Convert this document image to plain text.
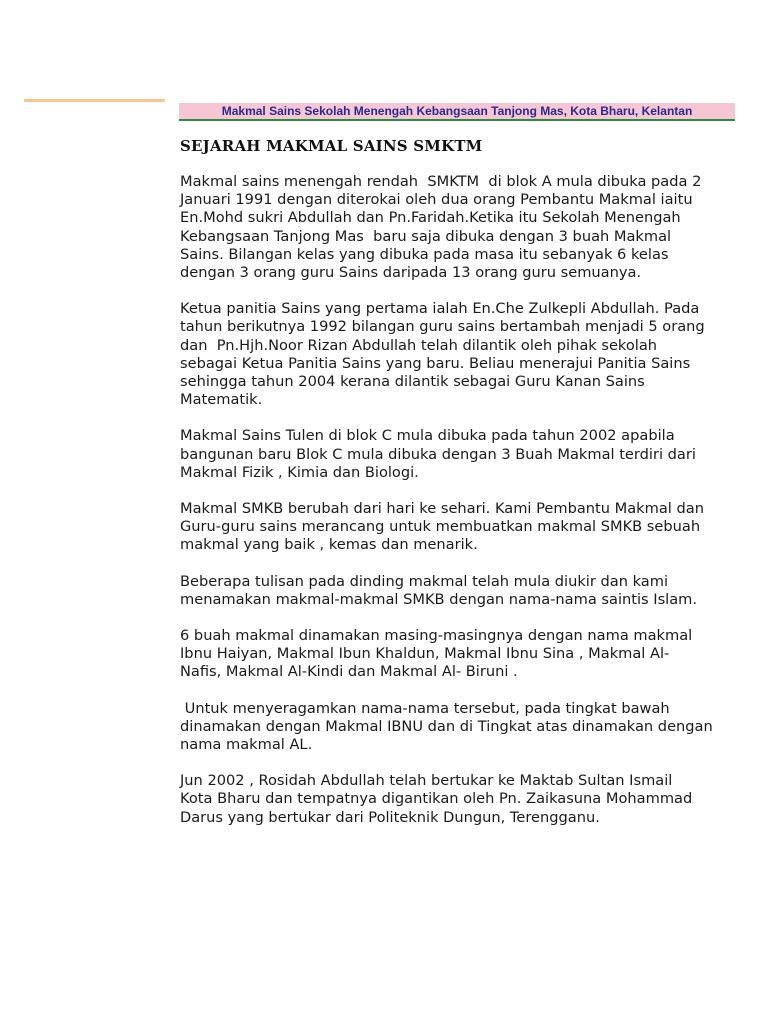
Makmal Sains Sekolah Menengah Kebangsaan Tanjong Mas, Kota Bharu, Kelantan
SEJARAH MAKMAL SAINS SMKTM

Makmal sains menengah rendah  SMKTM  di blok A mula dibuka pada 2
Januari 1991 dengan diterokai oleh dua orang Pembantu Makmal iaitu
En.Mohd sukri Abdullah dan Pn.Faridah.Ketika itu Sekolah Menengah
Kebangsaan Tanjong Mas  baru saja dibuka dengan 3 buah Makmal
Sains. Bilangan kelas yang dibuka pada masa itu sebanyak 6 kelas
dengan 3 orang guru Sains daripada 13 orang guru semuanya.

Ketua panitia Sains yang pertama ialah En.Che Zulkepli Abdullah. Pada
tahun berikutnya 1992 bilangan guru sains bertambah menjadi 5 orang
dan  Pn.Hjh.Noor Rizan Abdullah telah dilantik oleh pihak sekolah
sebagai Ketua Panitia Sains yang baru. Beliau menerajui Panitia Sains
sehingga tahun 2004 kerana dilantik sebagai Guru Kanan Sains
Matematik.

Makmal Sains Tulen di blok C mula dibuka pada tahun 2002 apabila
bangunan baru Blok C mula dibuka dengan 3 Buah Makmal terdiri dari
Makmal Fizik , Kimia dan Biologi.

Makmal SMKB berubah dari hari ke sehari. Kami Pembantu Makmal dan
Guru-guru sains merancang untuk membuatkan makmal SMKB sebuah
makmal yang baik , kemas dan menarik.

Beberapa tulisan pada dinding makmal telah mula diukir dan kami
menamakan makmal-makmal SMKB dengan nama-nama saintis Islam.

6 buah makmal dinamakan masing-masingnya dengan nama makmal
Ibnu Haiyan, Makmal Ibun Khaldun, Makmal Ibnu Sina , Makmal Al-
Nafis, Makmal Al-Kindi dan Makmal Al- Biruni .

Untuk menyeragamkan nama-nama tersebut, pada tingkat bawah
dinamakan dengan Makmal IBNU dan di Tingkat atas dinamakan dengan
nama makmal AL.

Jun 2002 , Rosidah Abdullah telah bertukar ke Maktab Sultan Ismail
Kota Bharu dan tempatnya digantikan oleh Pn. Zaikasuna Mohammad
Darus yang bertukar dari Politeknik Dungun, Terengganu.
